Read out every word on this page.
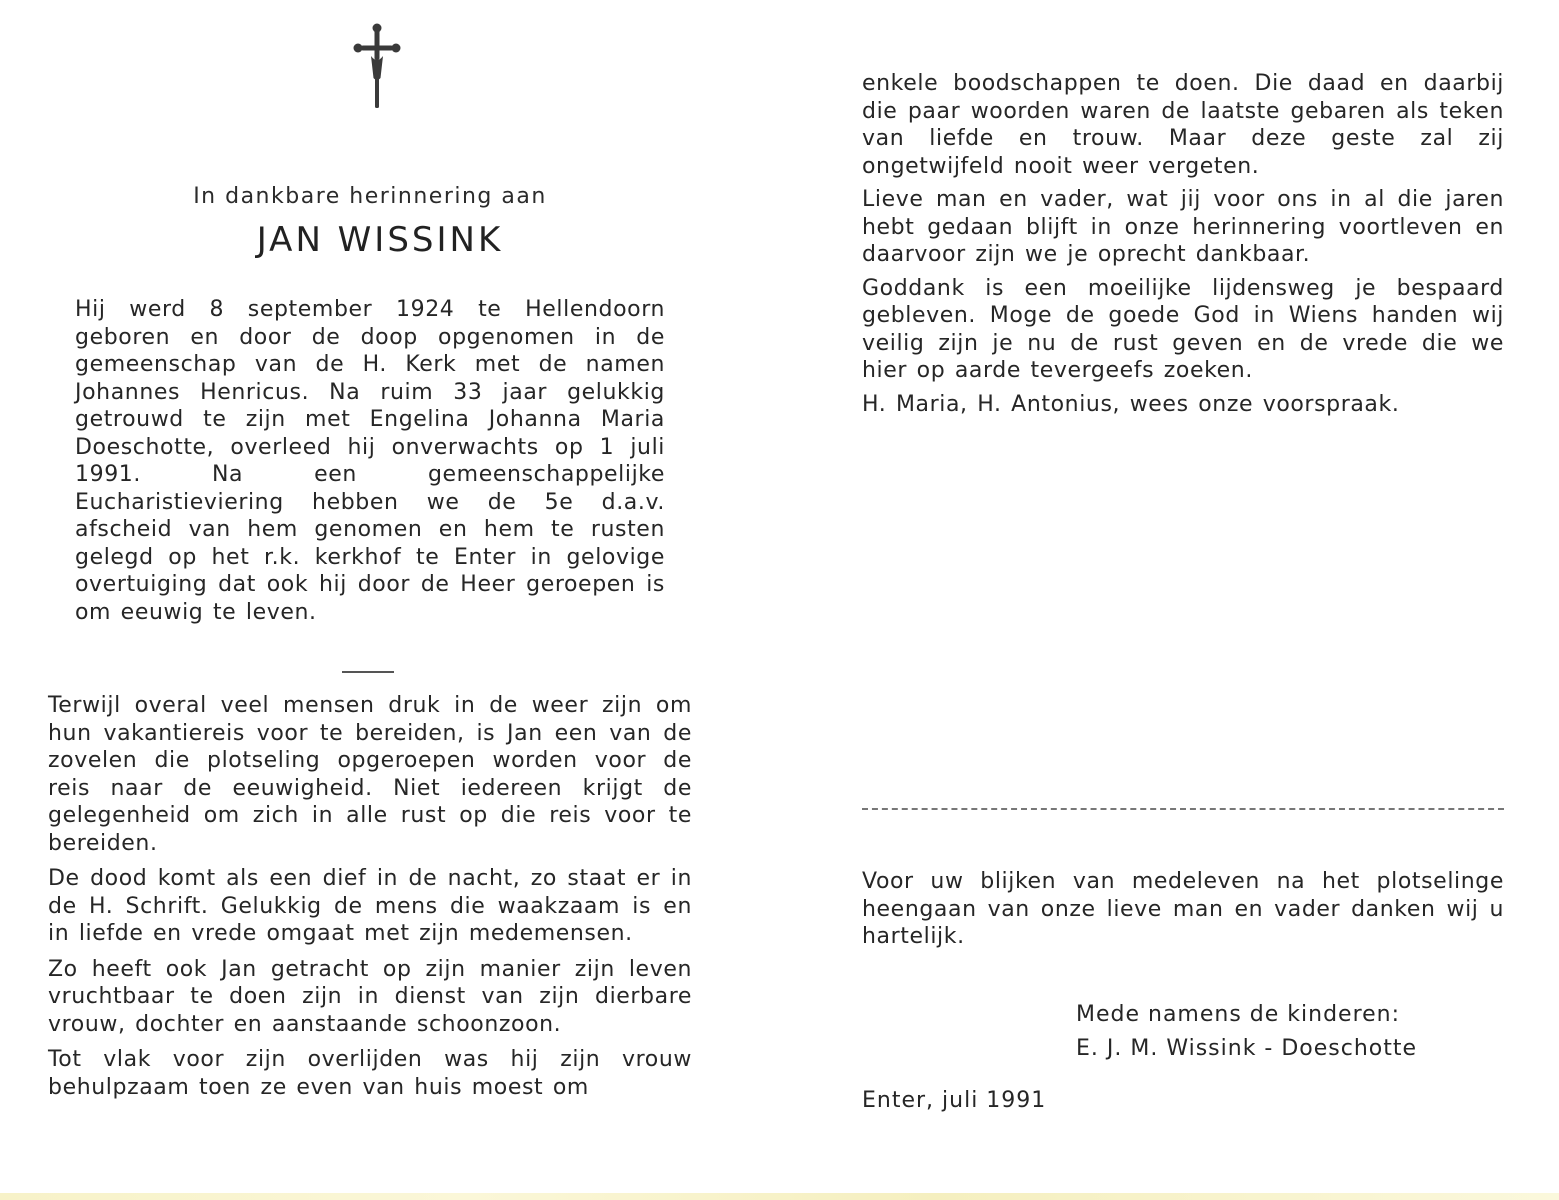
In dankbare herinnering aan
JAN WISSINK

Hij werd 8 september 1924 te Hellendoorn geboren en door de doop opgenomen in de gemeenschap van de H. Kerk met de namen Johannes Henricus. Na ruim 33 jaar gelukkig getrouwd te zijn met Engelina Johanna Maria Doeschotte, overleed hij onverwachts op 1 juli 1991. Na een gemeenschappelijke Eucharistieviering hebben we de 5e d.a.v. afscheid van hem genomen en hem te rusten gelegd op het r.k. kerkhof te Enter in gelovige overtuiging dat ook hij door de Heer geroepen is om eeuwig te leven.

Terwijl overal veel mensen druk in de weer zijn om hun vakantiereis voor te bereiden, is Jan een van de zovelen die plotseling opgeroepen worden voor de reis naar de eeuwigheid. Niet iedereen krijgt de gelegenheid om zich in alle rust op die reis voor te bereiden.

De dood komt als een dief in de nacht, zo staat er in de H. Schrift. Gelukkig de mens die waakzaam is en in liefde en vrede omgaat met zijn medemensen.

Zo heeft ook Jan getracht op zijn manier zijn leven vruchtbaar te doen zijn in dienst van zijn dierbare vrouw, dochter en aanstaande schoonzoon.

Tot vlak voor zijn overlijden was hij zijn vrouw behulpzaam toen ze even van huis moest om

enkele boodschappen te doen. Die daad en daarbij die paar woorden waren de laatste gebaren als teken van liefde en trouw. Maar deze geste zal zij ongetwijfeld nooit weer vergeten.

Lieve man en vader, wat jij voor ons in al die jaren hebt gedaan blijft in onze herinnering voortleven en daarvoor zijn we je oprecht dankbaar.

Goddank is een moeilijke lijdensweg je bespaard gebleven. Moge de goede God in Wiens handen wij veilig zijn je nu de rust geven en de vrede die we hier op aarde tevergeefs zoeken.

H. Maria, H. Antonius, wees onze voorspraak.

Voor uw blijken van medeleven na het plotselinge heengaan van onze lieve man en vader danken wij u hartelijk.

Mede namens de kinderen:
E. J. M. Wissink - Doeschotte
Enter, juli 1991
